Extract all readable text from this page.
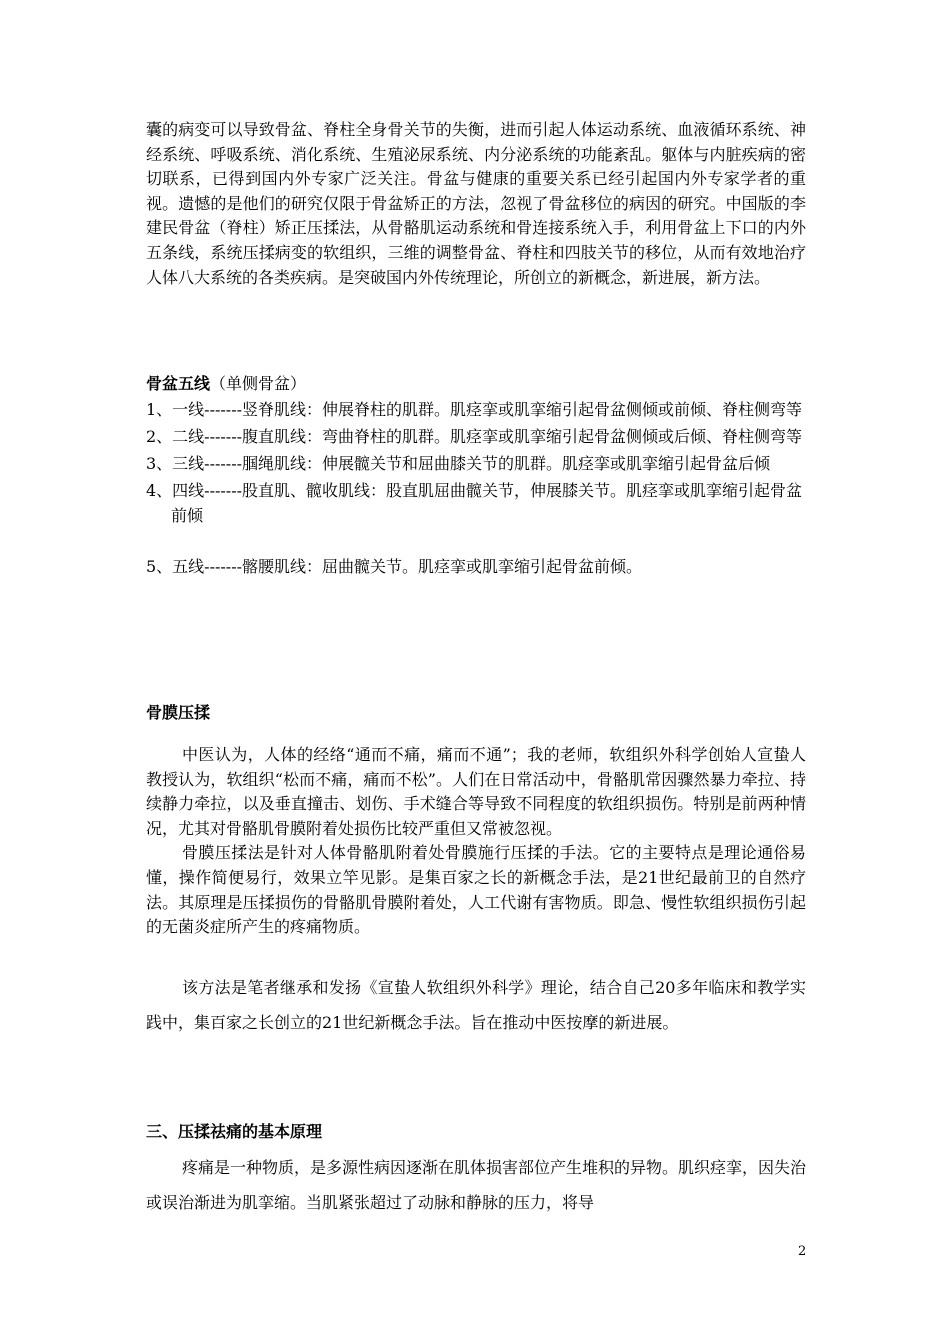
囊的病变可以导致骨盆、脊柱全身骨关节的失衡，进而引起人体运动系统、血液循环系统、神经系统、呼吸系统、消化系统、生殖泌尿系统、内分泌系统的功能紊乱。躯体与内脏疾病的密切联系，已得到国内外专家广泛关注。骨盆与健康的重要关系已经引起国内外专家学者的重视。遗憾的是他们的研究仅限于骨盆矫正的方法，忽视了骨盆移位的病因的研究。中国版的李建民骨盆（脊柱）矫正压揉法，从骨骼肌运动系统和骨连接系统入手，利用骨盆上下口的内外五条线，系统压揉病变的软组织，三维的调整骨盆、脊柱和四肢关节的移位，从而有效地治疗人体八大系统的各类疾病。是突破国内外传统理论，所创立的新概念，新进展，新方法。

骨盆五线（单侧骨盆）

1、一线-------竖脊肌线：伸展脊柱的肌群。肌痉挛或肌挛缩引起骨盆侧倾或前倾、脊柱侧弯等
2、二线-------腹直肌线：弯曲脊柱的肌群。肌痉挛或肌挛缩引起骨盆侧倾或后倾、脊柱侧弯等
3、三线-------腘绳肌线：伸展髋关节和屈曲膝关节的肌群。肌痉挛或肌挛缩引起骨盆后倾
4、四线-------股直肌、髋收肌线：股直肌屈曲髋关节，伸展膝关节。肌痉挛或肌挛缩引起骨盆前倾
5、五线-------髂腰肌线：屈曲髋关节。肌痉挛或肌挛缩引起骨盆前倾。

骨膜压揉

中医认为，人体的经络“通而不痛，痛而不通”；我的老师，软组织外科学创始人宣蛰人教授认为，软组织“松而不痛，痛而不松”。人们在日常活动中，骨骼肌常因骤然暴力牵拉、持续静力牵拉，以及垂直撞击、划伤、手术缝合等导致不同程度的软组织损伤。特别是前两种情况，尤其对骨骼肌骨膜附着处损伤比较严重但又常被忽视。

骨膜压揉法是针对人体骨骼肌附着处骨膜施行压揉的手法。它的主要特点是理论通俗易懂，操作简便易行，效果立竿见影。是集百家之长的新概念手法，是21世纪最前卫的自然疗法。其原理是压揉损伤的骨骼肌骨膜附着处，人工代谢有害物质。即急、慢性软组织损伤引起的无菌炎症所产生的疼痛物质。

该方法是笔者继承和发扬《宣蛰人软组织外科学》理论，结合自己20多年临床和教学实践中，集百家之长创立的21世纪新概念手法。旨在推动中医按摩的新进展。

三、压揉祛痛的基本原理

疼痛是一种物质，是多源性病因逐渐在肌体损害部位产生堆积的异物。肌织痉挛，因失治或误治渐进为肌挛缩。当肌紧张超过了动脉和静脉的压力，将导

2
